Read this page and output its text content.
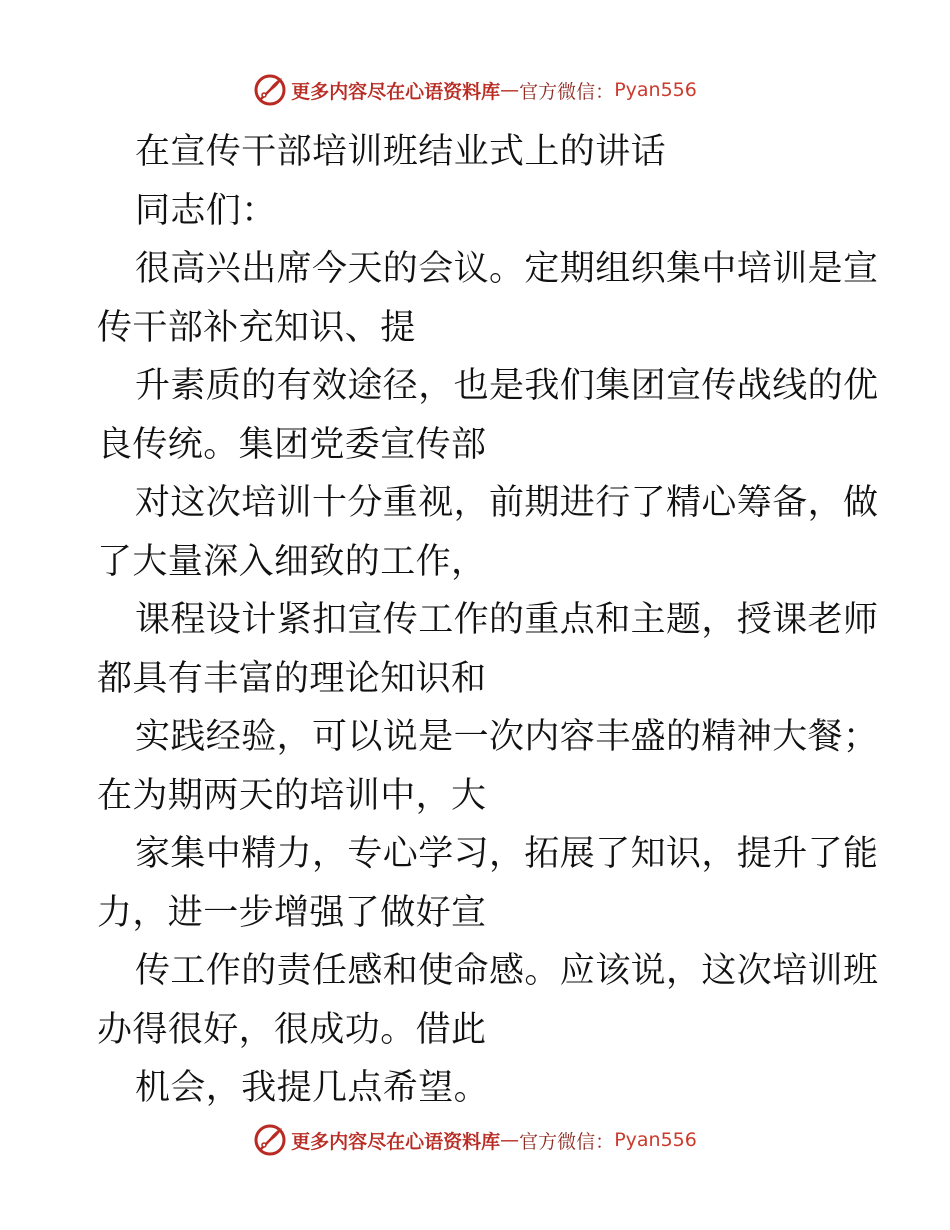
更多内容尽在心语资料库 — 官方微信： Pyan556

在宣传干部培训班结业式上的讲话

同志们：

很高兴出席今天的会议。定期组织集中培训是宣

传干部补充知识、提

升素质的有效途径，也是我们集团宣传战线的优

良传统。集团党委宣传部

对这次培训十分重视，前期进行了精心筹备，做

了大量深入细致的工作，

课程设计紧扣宣传工作的重点和主题，授课老师

都具有丰富的理论知识和

实践经验，可以说是一次内容丰盛的精神大餐；

在为期两天的培训中，大

家集中精力，专心学习，拓展了知识，提升了能

力，进一步增强了做好宣

传工作的责任感和使命感。应该说，这次培训班

办得很好，很成功。借此

机会，我提几点希望。

更多内容尽在心语资料库 — 官方微信： Pyan556
